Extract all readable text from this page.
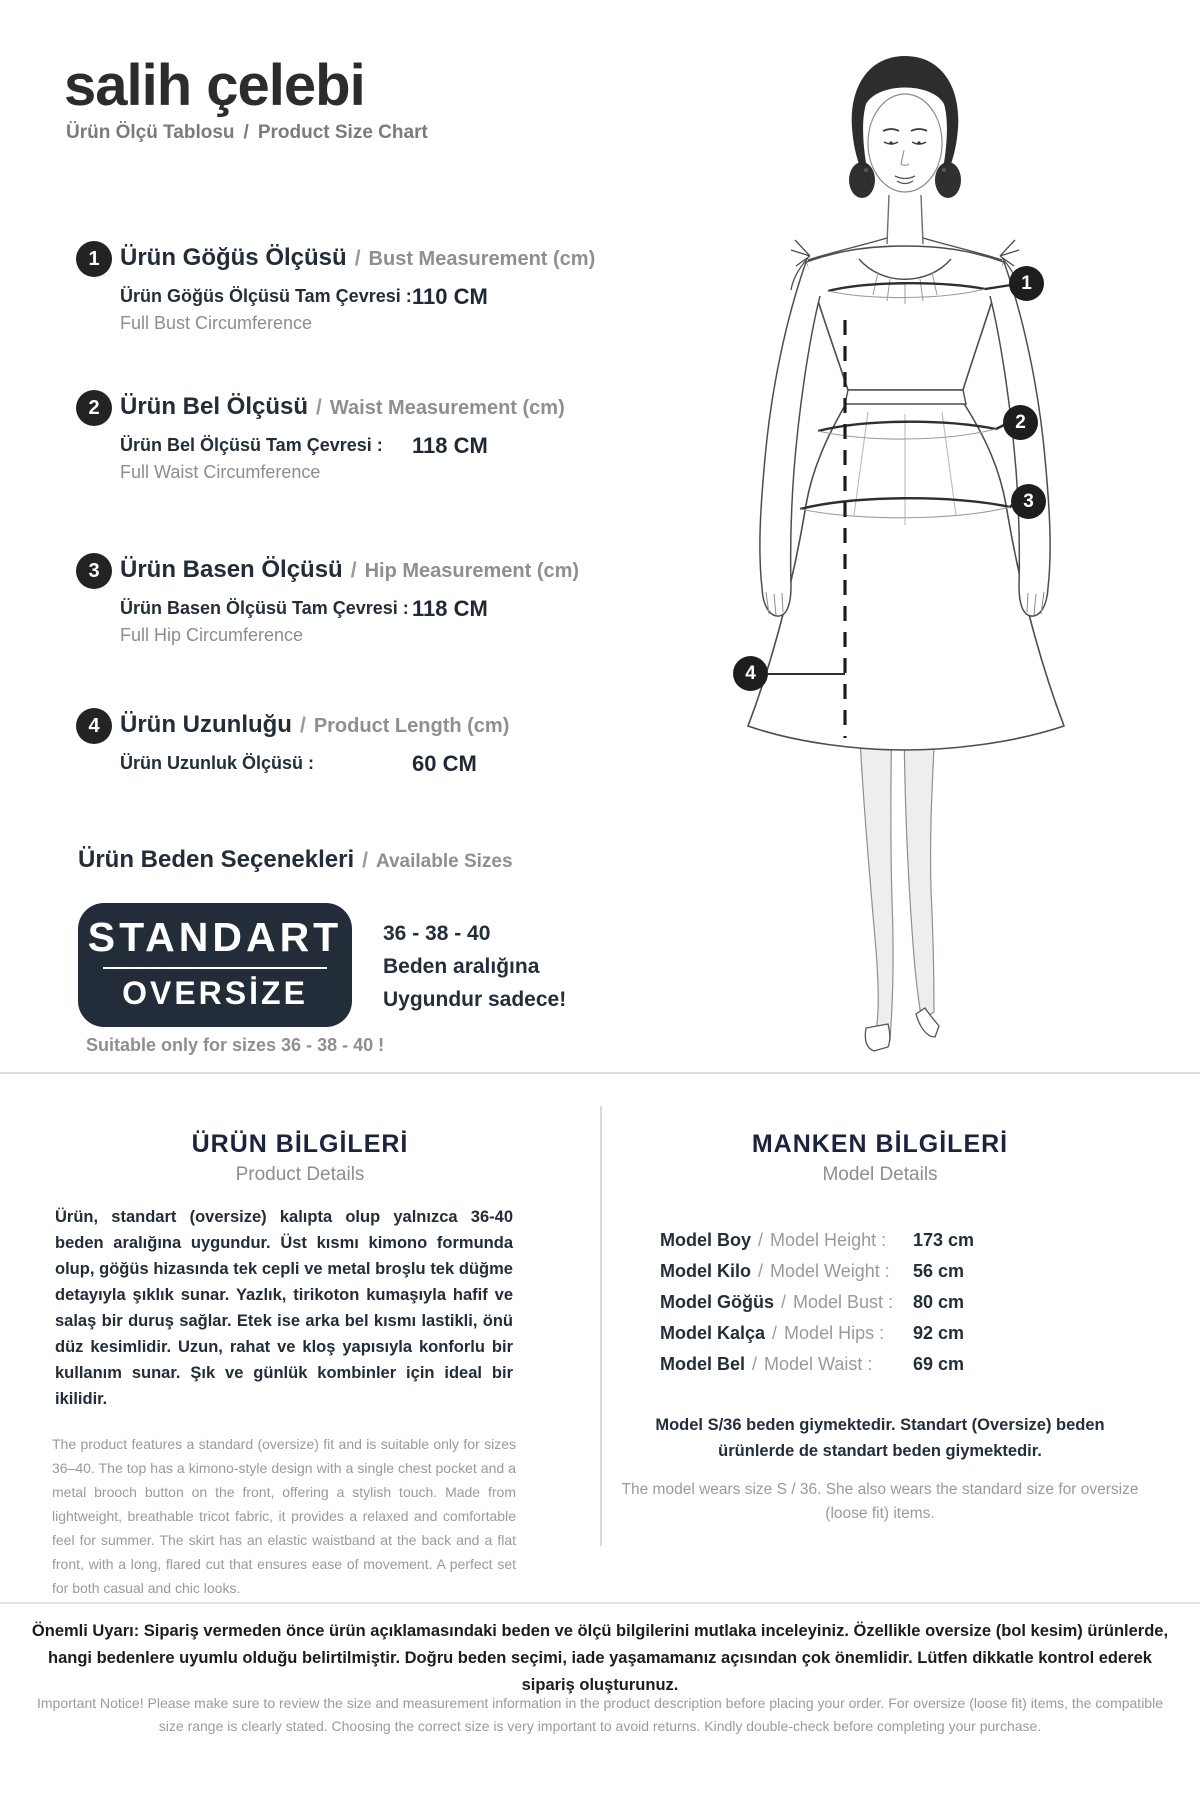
salih çelebi
Ürün Ölçü Tablosu / Product Size Chart
1 Ürün Göğüs Ölçüsü / Bust Measurement (cm)
Ürün Göğüs Ölçüsü Tam Çevresi : 110 CM
Full Bust Circumference
2 Ürün Bel Ölçüsü / Waist Measurement (cm)
Ürün Bel Ölçüsü Tam Çevresi : 118 CM
Full Waist Circumference
3 Ürün Basen Ölçüsü / Hip Measurement (cm)
Ürün Basen Ölçüsü Tam Çevresi : 118 CM
Full Hip Circumference
4 Ürün Uzunluğu / Product Length (cm)
Ürün Uzunluk Ölçüsü :	60 CM
Ürün Beden Seçenekleri / Available Sizes
STANDART
OVERSİZE
36 - 38 - 40
Beden aralığına
Uygundur sadece!
Suitable only for sizes 36 - 38 - 40 !
1
2
3
4
ÜRÜN BİLGİLERİ
Product Details
Ürün, standart (oversize) kalıpta olup yalnızca 36-40 beden aralığına uygundur. Üst kısmı kimono formunda olup, göğüs hizasında tek cepli ve metal broşlu tek düğme detayıyla şıklık sunar. Yazlık, tirikoton kumaşıyla hafif ve salaş bir duruş sağlar. Etek ise arka bel kısmı lastikli, önü düz kesimlidir. Uzun, rahat ve kloş yapısıyla konforlu bir kullanım sunar. Şık ve günlük kombinler için ideal bir ikilidir.
The product features a standard (oversize) fit and is suitable only for sizes 36–40. The top has a kimono-style design with a single chest pocket and a metal brooch button on the front, offering a stylish touch. Made from lightweight, breathable tricot fabric, it provides a relaxed and comfortable feel for summer. The skirt has an elastic waistband at the back and a flat front, with a long, flared cut that ensures ease of movement. A perfect set for both casual and chic looks.
MANKEN BİLGİLERİ
Model Details
Model Boy / Model Height : 173 cm
Model Kilo / Model Weight : 56 cm
Model Göğüs / Model Bust : 80 cm
Model Kalça / Model Hips : 92 cm
Model Bel / Model Waist : 69 cm
Model S/36 beden giymektedir. Standart (Oversize) beden ürünlerde de standart beden giymektedir.
The model wears size S / 36. She also wears the standard size for oversize (loose fit) items.
Önemli Uyarı: Sipariş vermeden önce ürün açıklamasındaki beden ve ölçü bilgilerini mutlaka inceleyiniz. Özellikle oversize (bol kesim) ürünlerde, hangi bedenlere uyumlu olduğu belirtilmiştir. Doğru beden seçimi, iade yaşamamanız açısından çok önemlidir. Lütfen dikkatle kontrol ederek sipariş oluşturunuz.
Important Notice! Please make sure to review the size and measurement information in the product description before placing your order. For oversize (loose fit) items, the compatible size range is clearly stated. Choosing the correct size is very important to avoid returns. Kindly double-check before completing your purchase.
